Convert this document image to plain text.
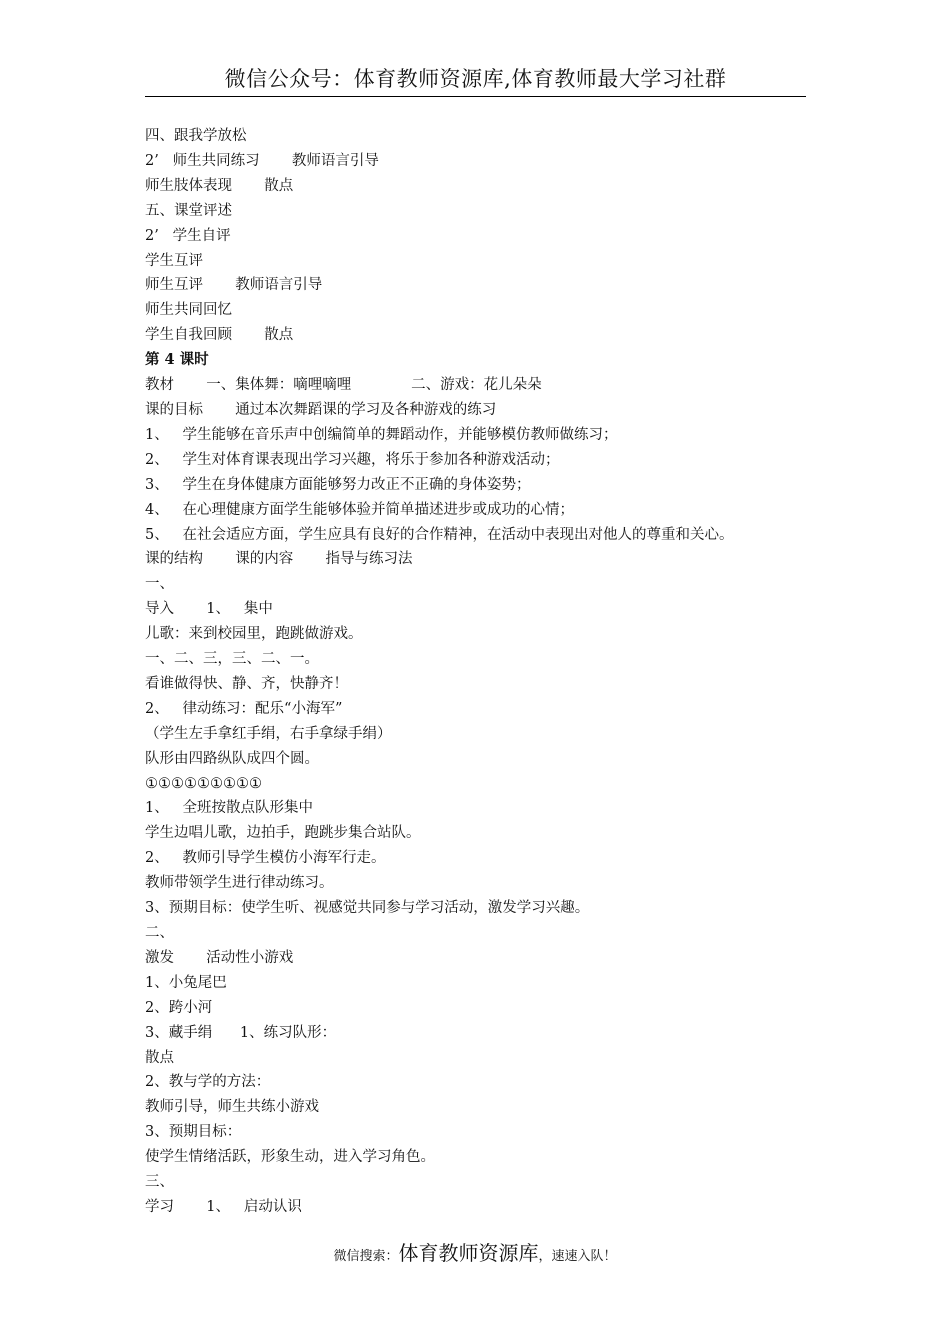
微信公众号：体育教师资源库,体育教师最大学习社群
四、跟我学放松
2’   师生共同练习       教师语言引导
师生肢体表现       散点
五、课堂评述
2’   学生自评
学生互评
师生互评       教师语言引导
师生共同回忆
学生自我回顾       散点
第 4 课时
教材       一、集体舞：嘀哩嘀哩             二、游戏：花儿朵朵
课的目标       通过本次舞蹈课的学习及各种游戏的练习
1、   学生能够在音乐声中创编简单的舞蹈动作，并能够模仿教师做练习；
2、   学生对体育课表现出学习兴趣，将乐于参加各种游戏活动；
3、   学生在身体健康方面能够努力改正不正确的身体姿势；
4、   在心理健康方面学生能够体验并简单描述进步或成功的心情；
5、   在社会适应方面，学生应具有良好的合作精神，在活动中表现出对他人的尊重和关心。
课的结构       课的内容       指导与练习法
一、
导入       1、   集中
儿歌：来到校园里，跑跳做游戏。
一、二、三，三、二、一。
看谁做得快、静、齐，快静齐！
2、   律动练习：配乐“小海军”
（学生左手拿红手绢，右手拿绿手绢）
队形由四路纵队成四个圆。
①①①①①①①①①
1、   全班按散点队形集中
学生边唱儿歌，边拍手，跑跳步集合站队。
2、   教师引导学生模仿小海军行走。
教师带领学生进行律动练习。
3、预期目标：使学生听、视感觉共同参与学习活动，激发学习兴趣。
二、
激发       活动性小游戏
1、小兔尾巴
2、跨小河
3、藏手绢      1、练习队形：
散点
2、教与学的方法：
教师引导，师生共练小游戏
3、预期目标：
使学生情绪活跃，形象生动，进入学习角色。
三、
学习       1、   启动认识
微信搜索：体育教师资源库，速速入队！
